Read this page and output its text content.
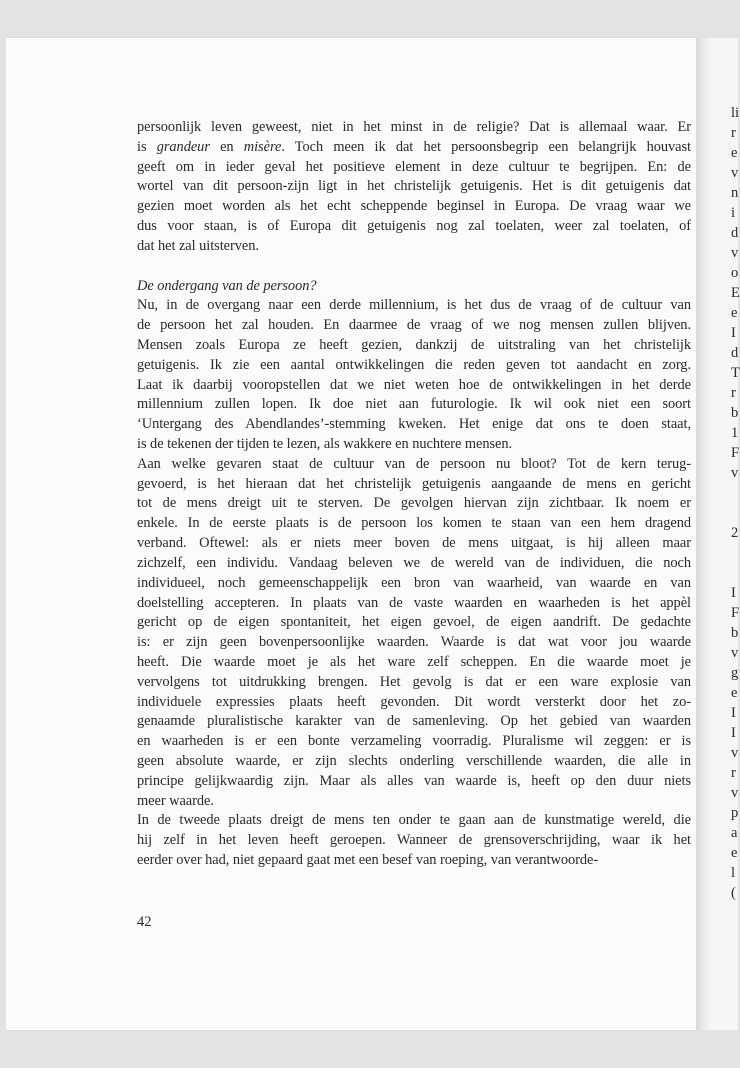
li
r
e
v
n
i
d
v
o
E
e
I
d
T
r
b
1
F
v
2
I
F
b
v
g
e
I
I
v
r
v
p
a
e
l
(
persoonlijk leven geweest, niet in het minst in de religie? Dat is allemaal waar. Er
is grandeur en misère. Toch meen ik dat het persoonsbegrip een belangrijk houvast
geeft om in ieder geval het positieve element in deze cultuur te begrijpen. En: de
wortel van dit persoon-zijn ligt in het christelijk getuigenis. Het is dit getuigenis dat
gezien moet worden als het echt scheppende beginsel in Europa. De vraag waar we
dus voor staan, is of Europa dit getuigenis nog zal toelaten, weer zal toelaten, of
dat het zal uitsterven.
De ondergang van de persoon?
Nu, in de overgang naar een derde millennium, is het dus de vraag of de cultuur van
de persoon het zal houden. En daarmee de vraag of we nog mensen zullen blijven.
Mensen zoals Europa ze heeft gezien, dankzij de uitstraling van het christelijk
getuigenis. Ik zie een aantal ontwikkelingen die reden geven tot aandacht en zorg.
Laat ik daarbij vooropstellen dat we niet weten hoe de ontwikkelingen in het derde
millennium zullen lopen. Ik doe niet aan futurologie. Ik wil ook niet een soort
‘Untergang des Abendlandes’-stemming kweken. Het enige dat ons te doen staat,
is de tekenen der tijden te lezen, als wakkere en nuchtere mensen.
Aan welke gevaren staat de cultuur van de persoon nu bloot? Tot de kern terug-
gevoerd, is het hieraan dat het christelijk getuigenis aangaande de mens en gericht
tot de mens dreigt uit te sterven. De gevolgen hiervan zijn zichtbaar. Ik noem er
enkele. In de eerste plaats is de persoon los komen te staan van een hem dragend
verband. Oftewel: als er niets meer boven de mens uitgaat, is hij alleen maar
zichzelf, een individu. Vandaag beleven we de wereld van de individuen, die noch
individueel, noch gemeenschappelijk een bron van waarheid, van waarde en van
doelstelling accepteren. In plaats van de vaste waarden en waarheden is het appèl
gericht op de eigen spontaniteit, het eigen gevoel, de eigen aandrift. De gedachte
is: er zijn geen bovenpersoonlijke waarden. Waarde is dat wat voor jou waarde
heeft. Die waarde moet je als het ware zelf scheppen. En die waarde moet je
vervolgens tot uitdrukking brengen. Het gevolg is dat er een ware explosie van
individuele expressies plaats heeft gevonden. Dit wordt versterkt door het zo-
genaamde pluralistische karakter van de samenleving. Op het gebied van waarden
en waarheden is er een bonte verzameling voorradig. Pluralisme wil zeggen: er is
geen absolute waarde, er zijn slechts onderling verschillende waarden, die alle in
principe gelijkwaardig zijn. Maar als alles van waarde is, heeft op den duur niets
meer waarde.
In de tweede plaats dreigt de mens ten onder te gaan aan de kunstmatige wereld, die
hij zelf in het leven heeft geroepen. Wanneer de grensoverschrijding, waar ik het
eerder over had, niet gepaard gaat met een besef van roeping, van verantwoorde-
42
